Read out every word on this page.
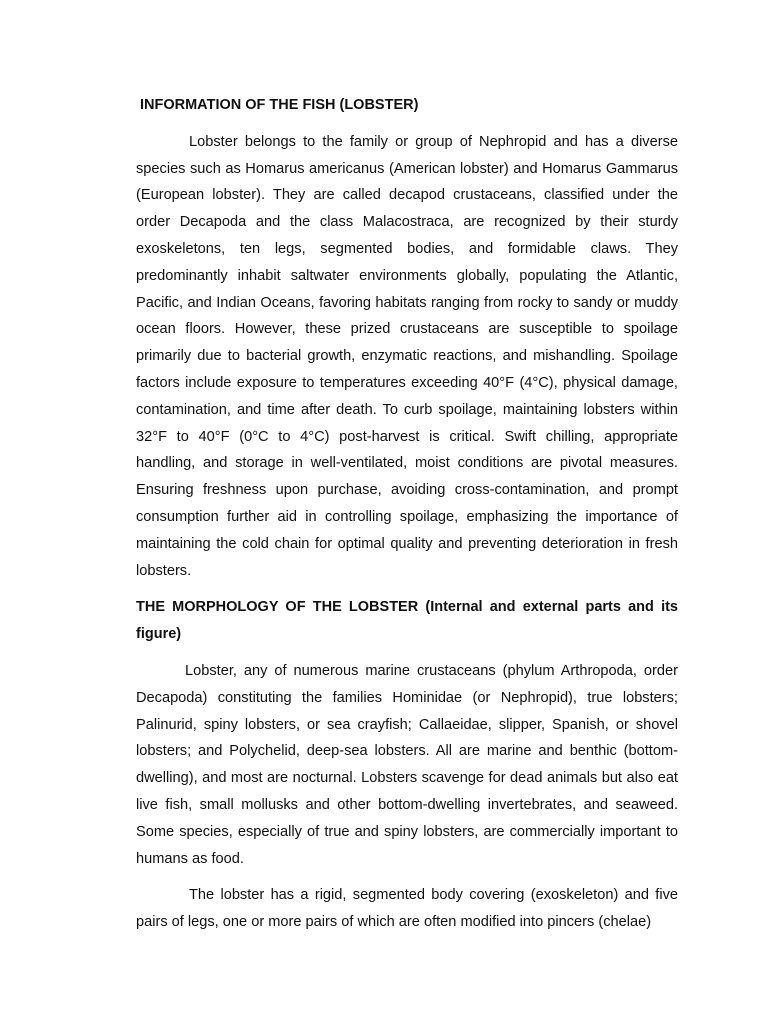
INFORMATION OF THE FISH (LOBSTER)

Lobster belongs to the family or group of Nephropid and has a diverse species such as Homarus americanus (American lobster) and Homarus Gammarus (European lobster). They are called decapod crustaceans, classified under the order Decapoda and the class Malacostraca, are recognized by their sturdy exoskeletons, ten legs, segmented bodies, and formidable claws. They predominantly inhabit saltwater environments globally, populating the Atlantic, Pacific, and Indian Oceans, favoring habitats ranging from rocky to sandy or muddy ocean floors. However, these prized crustaceans are susceptible to spoilage primarily due to bacterial growth, enzymatic reactions, and mishandling. Spoilage factors include exposure to temperatures exceeding 40°F (4°C), physical damage, contamination, and time after death. To curb spoilage, maintaining lobsters within 32°F to 40°F (0°C to 4°C) post-harvest is critical. Swift chilling, appropriate handling, and storage in well-ventilated, moist conditions are pivotal measures. Ensuring freshness upon purchase, avoiding cross-contamination, and prompt consumption further aid in controlling spoilage, emphasizing the importance of maintaining the cold chain for optimal quality and preventing deterioration in fresh lobsters.

THE MORPHOLOGY OF THE LOBSTER (Internal and external parts and its figure)

Lobster, any of numerous marine crustaceans (phylum Arthropoda, order Decapoda) constituting the families Hominidae (or Nephropid), true lobsters; Palinurid, spiny lobsters, or sea crayfish; Callaeidae, slipper, Spanish, or shovel lobsters; and Polychelid, deep-sea lobsters. All are marine and benthic (bottom-dwelling), and most are nocturnal. Lobsters scavenge for dead animals but also eat live fish, small mollusks and other bottom-dwelling invertebrates, and seaweed. Some species, especially of true and spiny lobsters, are commercially important to humans as food.

The lobster has a rigid, segmented body covering (exoskeleton) and five pairs of legs, one or more pairs of which are often modified into pincers (chelae)
